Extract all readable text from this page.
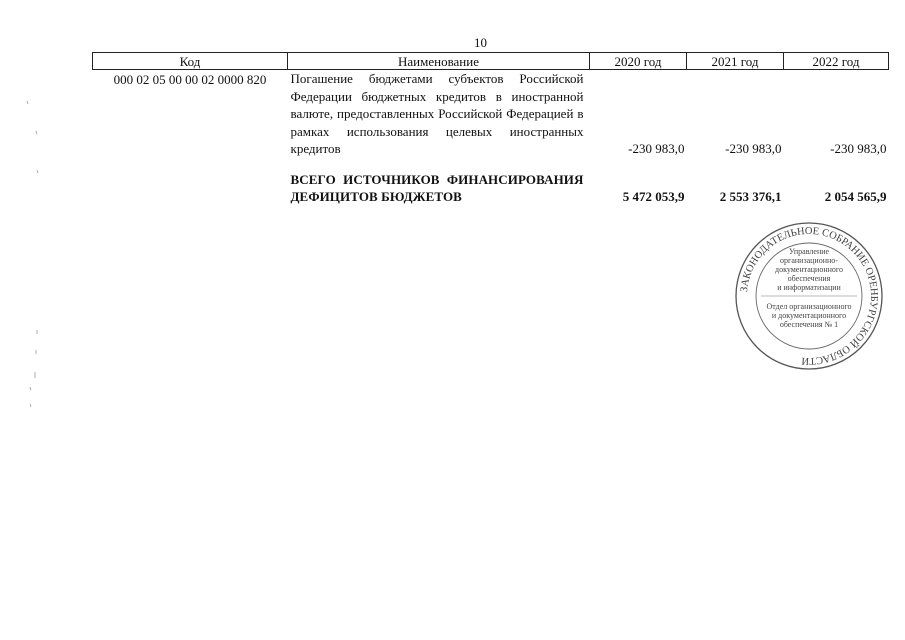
10
Код	Наименование	2020 год	2021 год	2022 год
000 02 05 00 00 02 0000 820	Погашение бюджетами субъектов Российской Федерации бюджетных кредитов в иностранной валюте, предоставленных Российской Федерацией в рамках использования целевых иностранных кредитов	-230 983,0	-230 983,0	-230 983,0

	ВСЕГО ИСТОЧНИКОВ ФИНАНСИРОВАНИЯ ДЕФИЦИТОВ БЮДЖЕТОВ	5 472 053,9	2 553 376,1	2 054 565,9
ЗАКОНОДАТЕЛЬНОЕ СОБРАНИЕ ОРЕНБУРГСКОЙ ОБЛАСТИ
Управление
организационно-
документационного
обеспечения
и информатизации
Отдел организационного
и документационного
обеспечения № 1
